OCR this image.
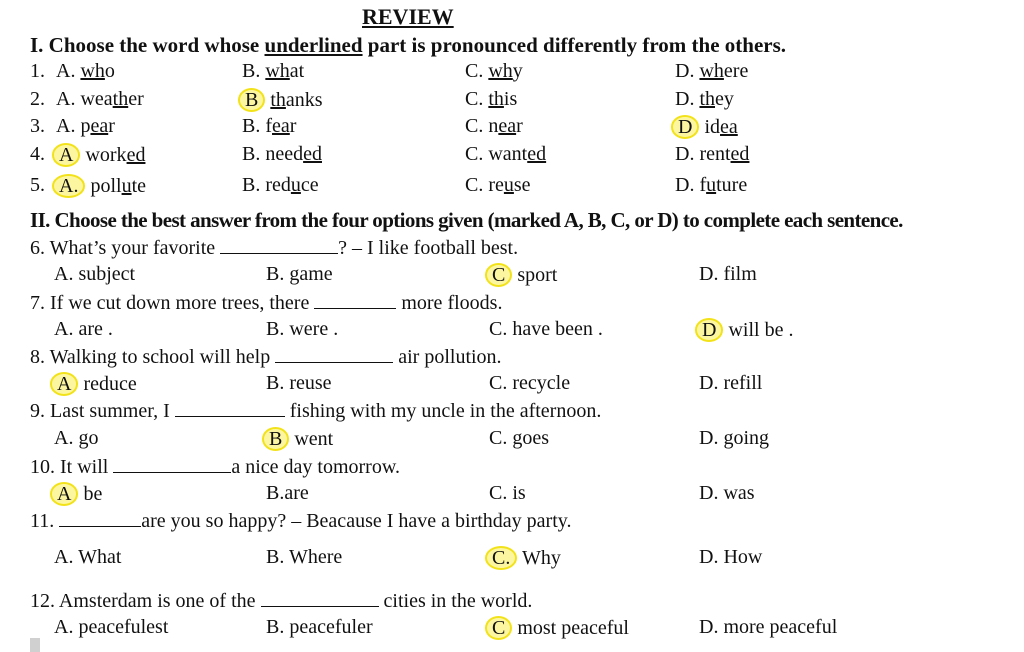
REVIEW
I. Choose the word whose underlined part is pronounced differently from the others.
1. A. who	B. what	C. why	D. where
2. A. weather	B thanks	C. this	D. they
3. A. pear	B. fear	C. near	D idea
4. A worked	B. needed	C. wanted	D. rented
5. A. pollute	B. reduce	C. reuse	D. future
II. Choose the best answer from the four options given (marked A, B, C, or D) to complete each sentence.
6. What’s your favorite	? – I like football best.
A. subject	B. game	C sport	D. film
7. If we cut down more trees, there	more floods.
A. are .	B. were .	C. have been .	D will be .
8. Walking to school will help	air pollution.
A reduce	B. reuse	C. recycle	D. refill
9. Last summer, I	fishing with my uncle in the afternoon.
A. go	B went	C. goes	D. going
10. It will	a nice day tomorrow.
A be	B.are	C. is	D. was
11.	are you so happy? – Beacause I have a birthday party.
A. What	B. Where	C. Why	D. How
12. Amsterdam is one of the	cities in the world.
A. peacefulest	B. peacefuler	C most peaceful	D. more peaceful
